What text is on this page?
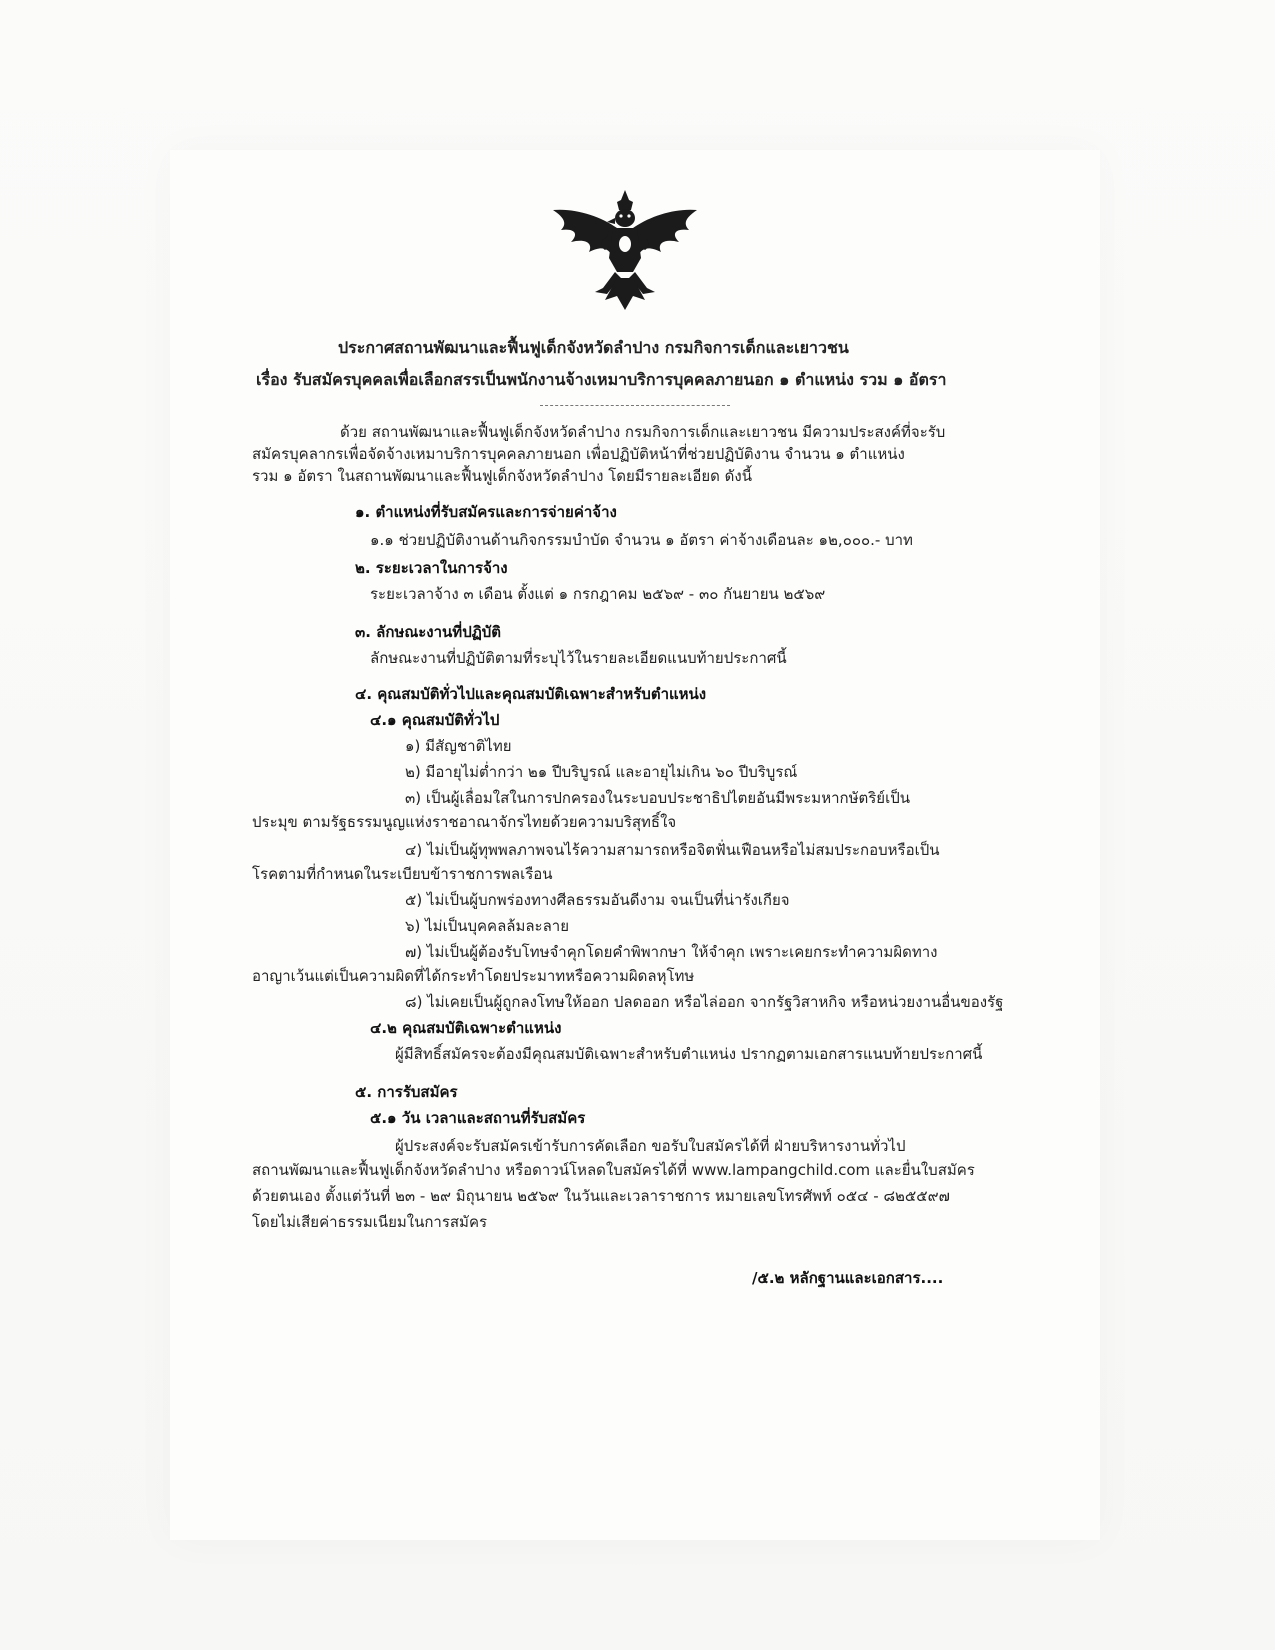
ประกาศสถานพัฒนาและฟื้นฟูเด็กจังหวัดลำปาง กรมกิจการเด็กและเยาวชน
เรื่อง รับสมัครบุคคลเพื่อเลือกสรรเป็นพนักงานจ้างเหมาบริการบุคคลภายนอก ๑ ตำแหน่ง รวม ๑ อัตรา
ด้วย สถานพัฒนาและฟื้นฟูเด็กจังหวัดลำปาง กรมกิจการเด็กและเยาวชน มีความประสงค์ที่จะรับ
สมัครบุคลากรเพื่อจัดจ้างเหมาบริการบุคคลภายนอก เพื่อปฏิบัติหน้าที่ช่วยปฏิบัติงาน จำนวน ๑ ตำแหน่ง
รวม ๑ อัตรา ในสถานพัฒนาและฟื้นฟูเด็กจังหวัดลำปาง โดยมีรายละเอียด ดังนี้
๑. ตำแหน่งที่รับสมัครและการจ่ายค่าจ้าง
๑.๑ ช่วยปฏิบัติงานด้านกิจกรรมบำบัด จำนวน ๑ อัตรา ค่าจ้างเดือนละ ๑๒,๐๐๐.- บาท
๒. ระยะเวลาในการจ้าง
ระยะเวลาจ้าง ๓ เดือน ตั้งแต่ ๑ กรกฎาคม ๒๕๖๙ - ๓๐ กันยายน ๒๕๖๙
๓. ลักษณะงานที่ปฏิบัติ
ลักษณะงานที่ปฏิบัติตามที่ระบุไว้ในรายละเอียดแนบท้ายประกาศนี้
๔. คุณสมบัติทั่วไปและคุณสมบัติเฉพาะสำหรับตำแหน่ง
๔.๑ คุณสมบัติทั่วไป
๑) มีสัญชาติไทย
๒) มีอายุไม่ต่ำกว่า ๒๑ ปีบริบูรณ์ และอายุไม่เกิน ๖๐ ปีบริบูรณ์
๓) เป็นผู้เลื่อมใสในการปกครองในระบอบประชาธิปไตยอันมีพระมหากษัตริย์เป็น
ประมุข ตามรัฐธรรมนูญแห่งราชอาณาจักรไทยด้วยความบริสุทธิ์ใจ
๔) ไม่เป็นผู้ทุพพลภาพจนไร้ความสามารถหรือจิตฟั่นเฟือนหรือไม่สมประกอบหรือเป็น
โรคตามที่กำหนดในระเบียบข้าราชการพลเรือน
๕) ไม่เป็นผู้บกพร่องทางศีลธรรมอันดีงาม จนเป็นที่น่ารังเกียจ
๖) ไม่เป็นบุคคลล้มละลาย
๗) ไม่เป็นผู้ต้องรับโทษจำคุกโดยคำพิพากษา ให้จำคุก เพราะเคยกระทำความผิดทาง
อาญาเว้นแต่เป็นความผิดที่ได้กระทำโดยประมาทหรือความผิดลหุโทษ
๘) ไม่เคยเป็นผู้ถูกลงโทษให้ออก ปลดออก หรือไล่ออก จากรัฐวิสาหกิจ หรือหน่วยงานอื่นของรัฐ
๔.๒ คุณสมบัติเฉพาะตำแหน่ง
ผู้มีสิทธิ์สมัครจะต้องมีคุณสมบัติเฉพาะสำหรับตำแหน่ง ปรากฏตามเอกสารแนบท้ายประกาศนี้
๕. การรับสมัคร
๕.๑ วัน เวลาและสถานที่รับสมัคร
ผู้ประสงค์จะรับสมัครเข้ารับการคัดเลือก ขอรับใบสมัครได้ที่ ฝ่ายบริหารงานทั่วไป
สถานพัฒนาและฟื้นฟูเด็กจังหวัดลำปาง หรือดาวน์โหลดใบสมัครได้ที่ www.lampangchild.com และยื่นใบสมัคร
ด้วยตนเอง ตั้งแต่วันที่ ๒๓ - ๒๙ มิถุนายน ๒๕๖๙ ในวันและเวลาราชการ หมายเลขโทรศัพท์ ๐๕๔ - ๘๒๕๕๙๗
โดยไม่เสียค่าธรรมเนียมในการสมัคร
/๕.๒ หลักฐานและเอกสาร....
